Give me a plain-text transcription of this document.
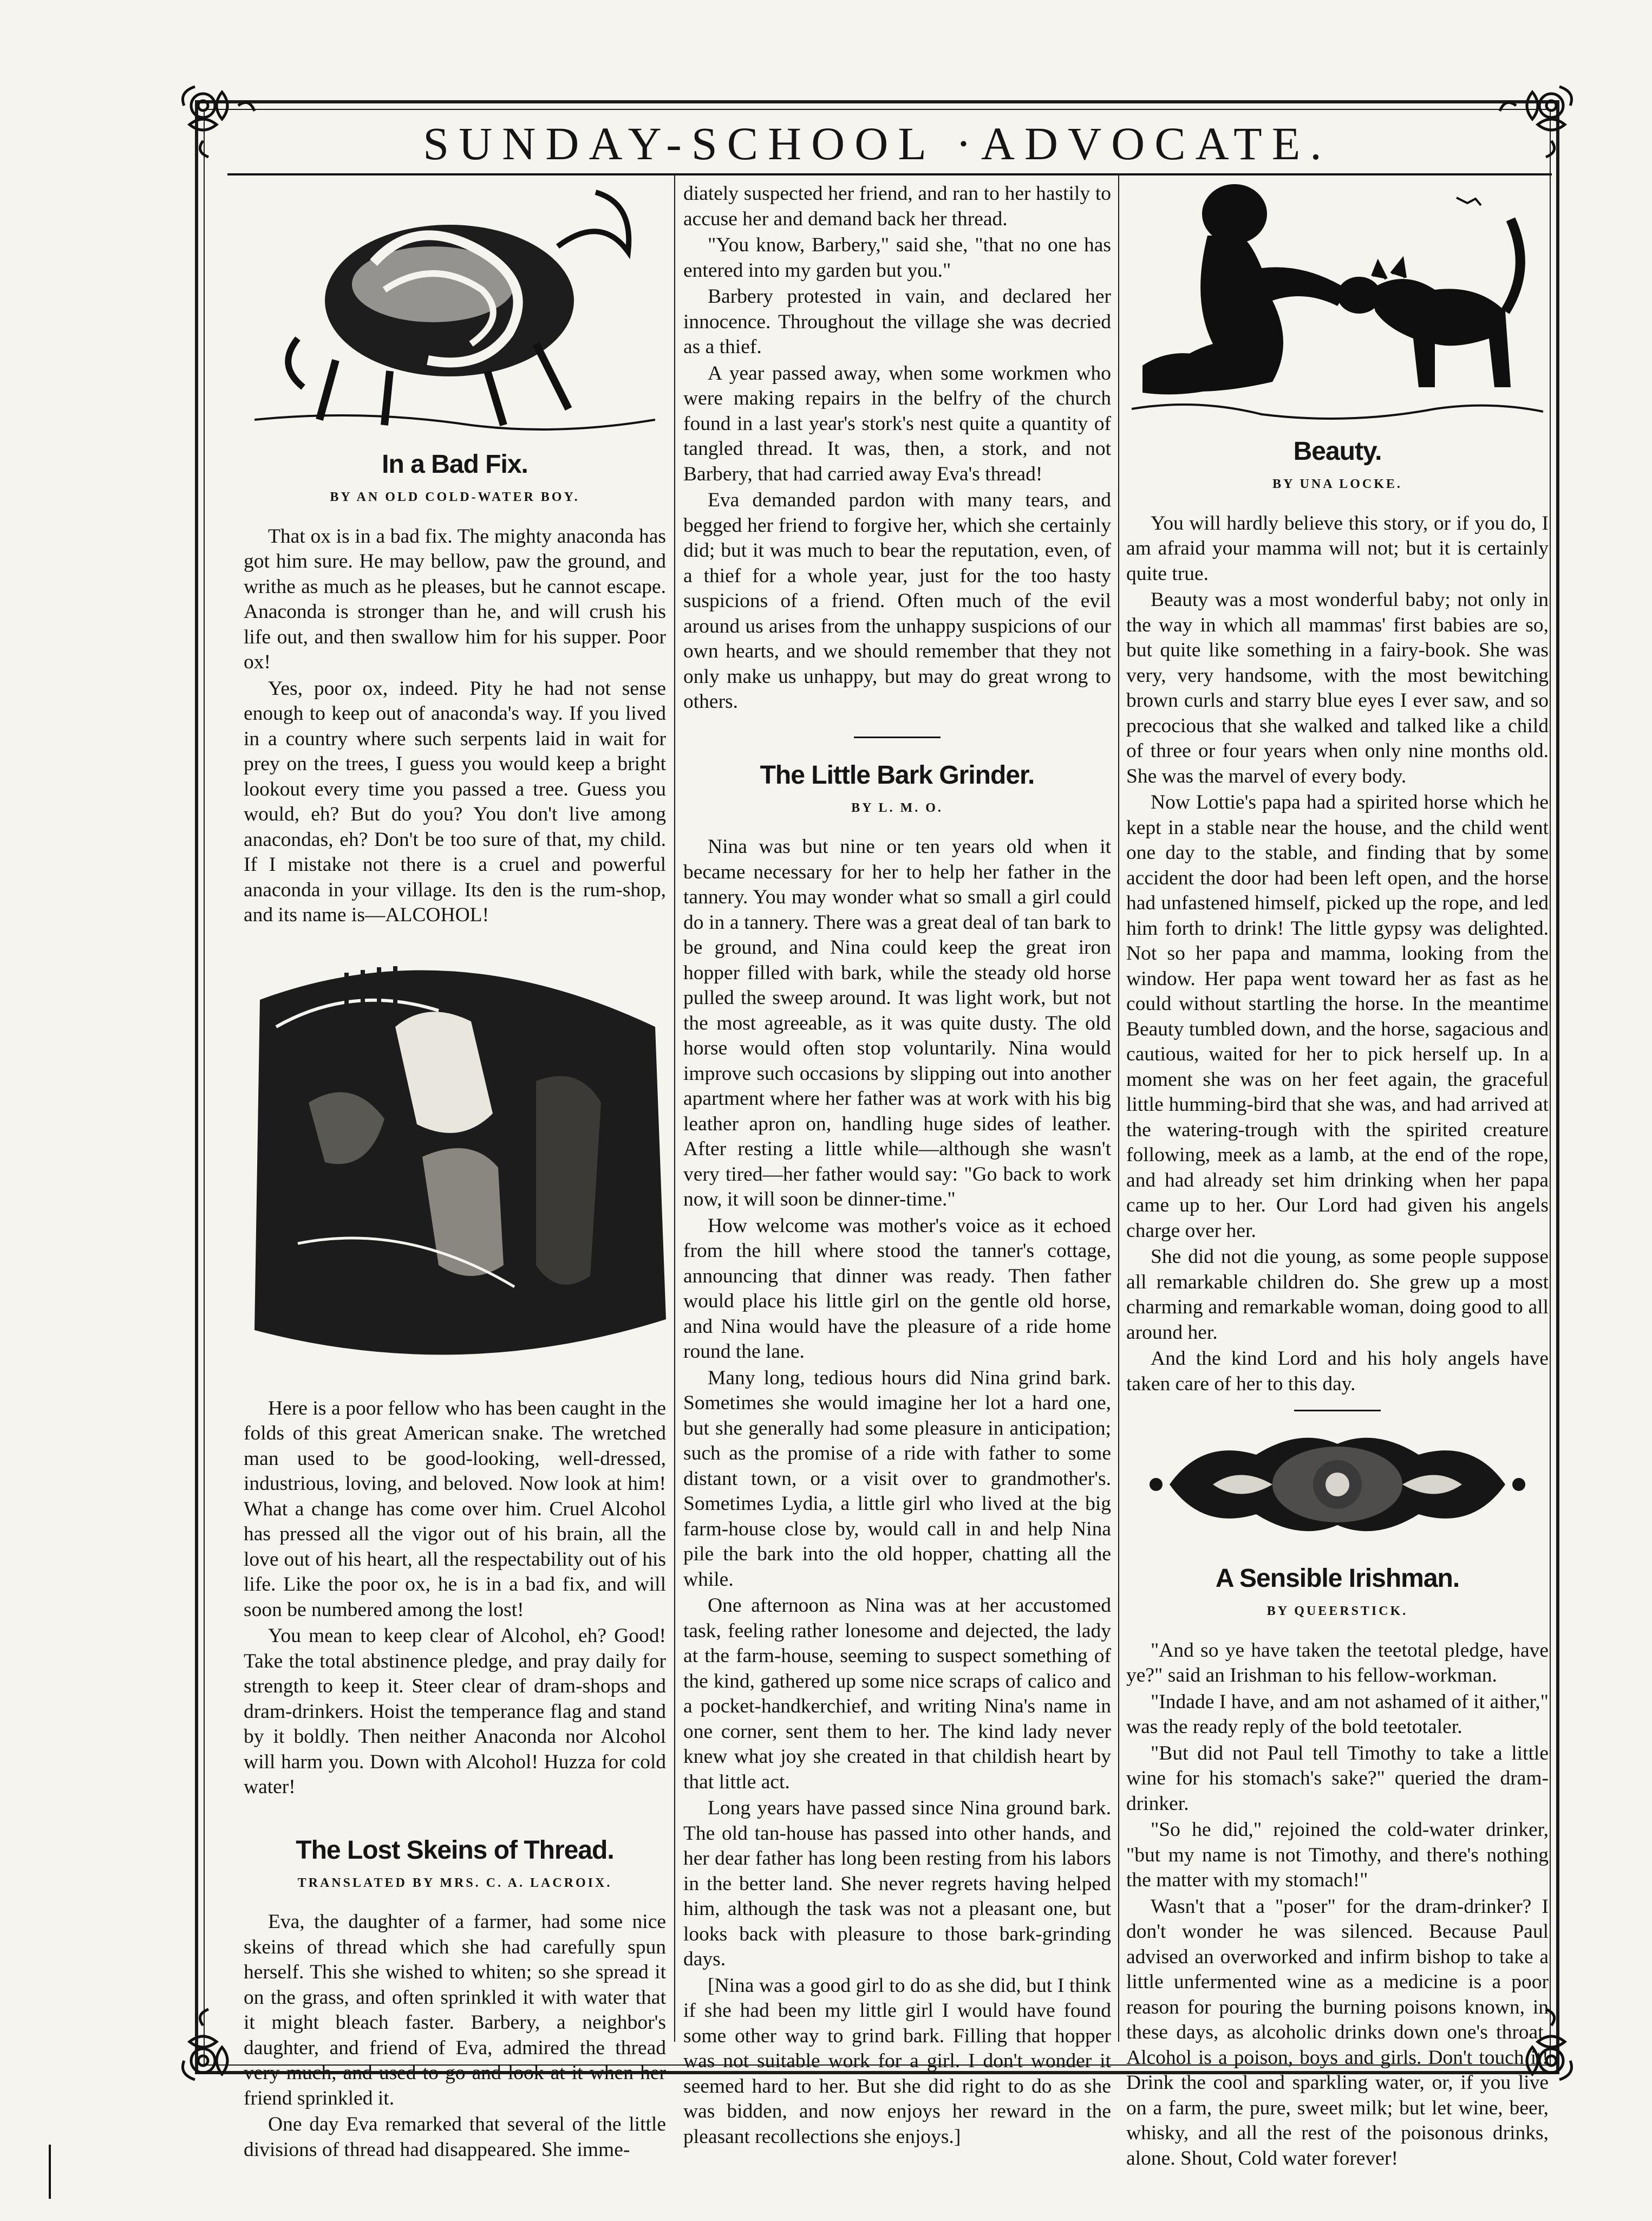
SUNDAY-SCHOOL ·ADVOCATE.
In a Bad Fix.
BY AN OLD COLD-WATER BOY.

That ox is in a bad fix. The mighty anaconda has got him sure. He may bellow, paw the ground, and writhe as much as he pleases, but he cannot escape. Anaconda is stronger than he, and will crush his life out, and then swallow him for his supper. Poor ox!

Yes, poor ox, indeed. Pity he had not sense enough to keep out of anaconda's way. If you lived in a country where such serpents laid in wait for prey on the trees, I guess you would keep a bright lookout every time you passed a tree. Guess you would, eh? But do you? You don't live among anacondas, eh? Don't be too sure of that, my child. If I mistake not there is a cruel and powerful anaconda in your village. Its den is the rum-shop, and its name is—ALCOHOL!

Here is a poor fellow who has been caught in the folds of this great American snake. The wretched man used to be good-looking, well-dressed, industrious, loving, and beloved. Now look at him! What a change has come over him. Cruel Alcohol has pressed all the vigor out of his brain, all the love out of his heart, all the respectability out of his life. Like the poor ox, he is in a bad fix, and will soon be numbered among the lost!

You mean to keep clear of Alcohol, eh? Good! Take the total abstinence pledge, and pray daily for strength to keep it. Steer clear of dram-shops and dram-drinkers. Hoist the temperance flag and stand by it boldly. Then neither Anaconda nor Alcohol will harm you. Down with Alcohol! Huzza for cold water!

The Lost Skeins of Thread.
TRANSLATED BY MRS. C. A. LACROIX.

Eva, the daughter of a farmer, had some nice skeins of thread which she had carefully spun herself. This she wished to whiten; so she spread it on the grass, and often sprinkled it with water that it might bleach faster. Barbery, a neighbor's daughter, and friend of Eva, admired the thread very much, and used to go and look at it when her friend sprinkled it.

One day Eva remarked that several of the little divisions of thread had disappeared. She imme-

diately suspected her friend, and ran to her hastily to accuse her and demand back her thread.

"You know, Barbery," said she, "that no one has entered into my garden but you."

Barbery protested in vain, and declared her innocence. Throughout the village she was decried as a thief.

A year passed away, when some workmen who were making repairs in the belfry of the church found in a last year's stork's nest quite a quantity of tangled thread. It was, then, a stork, and not Barbery, that had carried away Eva's thread!

Eva demanded pardon with many tears, and begged her friend to forgive her, which she certainly did; but it was much to bear the reputation, even, of a thief for a whole year, just for the too hasty suspicions of a friend. Often much of the evil around us arises from the unhappy suspicions of our own hearts, and we should remember that they not only make us unhappy, but may do great wrong to others.

The Little Bark Grinder.
BY L. M. O.

Nina was but nine or ten years old when it became necessary for her to help her father in the tannery. You may wonder what so small a girl could do in a tannery. There was a great deal of tan bark to be ground, and Nina could keep the great iron hopper filled with bark, while the steady old horse pulled the sweep around. It was light work, but not the most agreeable, as it was quite dusty. The old horse would often stop voluntarily. Nina would improve such occasions by slipping out into another apartment where her father was at work with his big leather apron on, handling huge sides of leather. After resting a little while—although she wasn't very tired—her father would say: "Go back to work now, it will soon be dinner-time."

How welcome was mother's voice as it echoed from the hill where stood the tanner's cottage, announcing that dinner was ready. Then father would place his little girl on the gentle old horse, and Nina would have the pleasure of a ride home round the lane.

Many long, tedious hours did Nina grind bark. Sometimes she would imagine her lot a hard one, but she generally had some pleasure in anticipation; such as the promise of a ride with father to some distant town, or a visit over to grandmother's. Sometimes Lydia, a little girl who lived at the big farm-house close by, would call in and help Nina pile the bark into the old hopper, chatting all the while.

One afternoon as Nina was at her accustomed task, feeling rather lonesome and dejected, the lady at the farm-house, seeming to suspect something of the kind, gathered up some nice scraps of calico and a pocket-handkerchief, and writing Nina's name in one corner, sent them to her. The kind lady never knew what joy she created in that childish heart by that little act.

Long years have passed since Nina ground bark. The old tan-house has passed into other hands, and her dear father has long been resting from his labors in the better land. She never regrets having helped him, although the task was not a pleasant one, but looks back with pleasure to those bark-grinding days.

[Nina was a good girl to do as she did, but I think if she had been my little girl I would have found some other way to grind bark. Filling that hopper was not suitable work for a girl. I don't wonder it seemed hard to her. But she did right to do as she was bidden, and now enjoys her reward in the pleasant recollections she enjoys.]

Beauty.
BY UNA LOCKE.

You will hardly believe this story, or if you do, I am afraid your mamma will not; but it is certainly quite true.

Beauty was a most wonderful baby; not only in the way in which all mammas' first babies are so, but quite like something in a fairy-book. She was very, very handsome, with the most bewitching brown curls and starry blue eyes I ever saw, and so precocious that she walked and talked like a child of three or four years when only nine months old. She was the marvel of every body.

Now Lottie's papa had a spirited horse which he kept in a stable near the house, and the child went one day to the stable, and finding that by some accident the door had been left open, and the horse had unfastened himself, picked up the rope, and led him forth to drink! The little gypsy was delighted. Not so her papa and mamma, looking from the window. Her papa went toward her as fast as he could without startling the horse. In the meantime Beauty tumbled down, and the horse, sagacious and cautious, waited for her to pick herself up. In a moment she was on her feet again, the graceful little humming-bird that she was, and had arrived at the watering-trough with the spirited creature following, meek as a lamb, at the end of the rope, and had already set him drinking when her papa came up to her. Our Lord had given his angels charge over her.

She did not die young, as some people suppose all remarkable children do. She grew up a most charming and remarkable woman, doing good to all around her.

And the kind Lord and his holy angels have taken care of her to this day.

A Sensible Irishman.
BY QUEERSTICK.

"And so ye have taken the teetotal pledge, have ye?" said an Irishman to his fellow-workman.

"Indade I have, and am not ashamed of it aither," was the ready reply of the bold teetotaler.

"But did not Paul tell Timothy to take a little wine for his stomach's sake?" queried the dram-drinker.

"So he did," rejoined the cold-water drinker, "but my name is not Timothy, and there's nothing the matter with my stomach!"

Wasn't that a "poser" for the dram-drinker? I don't wonder he was silenced. Because Paul advised an overworked and infirm bishop to take a little unfermented wine as a medicine is a poor reason for pouring the burning poisons known, in these days, as alcoholic drinks down one's throat. Alcohol is a poison, boys and girls. Don't touch it! Drink the cool and sparkling water, or, if you live on a farm, the pure, sweet milk; but let wine, beer, whisky, and all the rest of the poisonous drinks, alone. Shout, Cold water forever!
